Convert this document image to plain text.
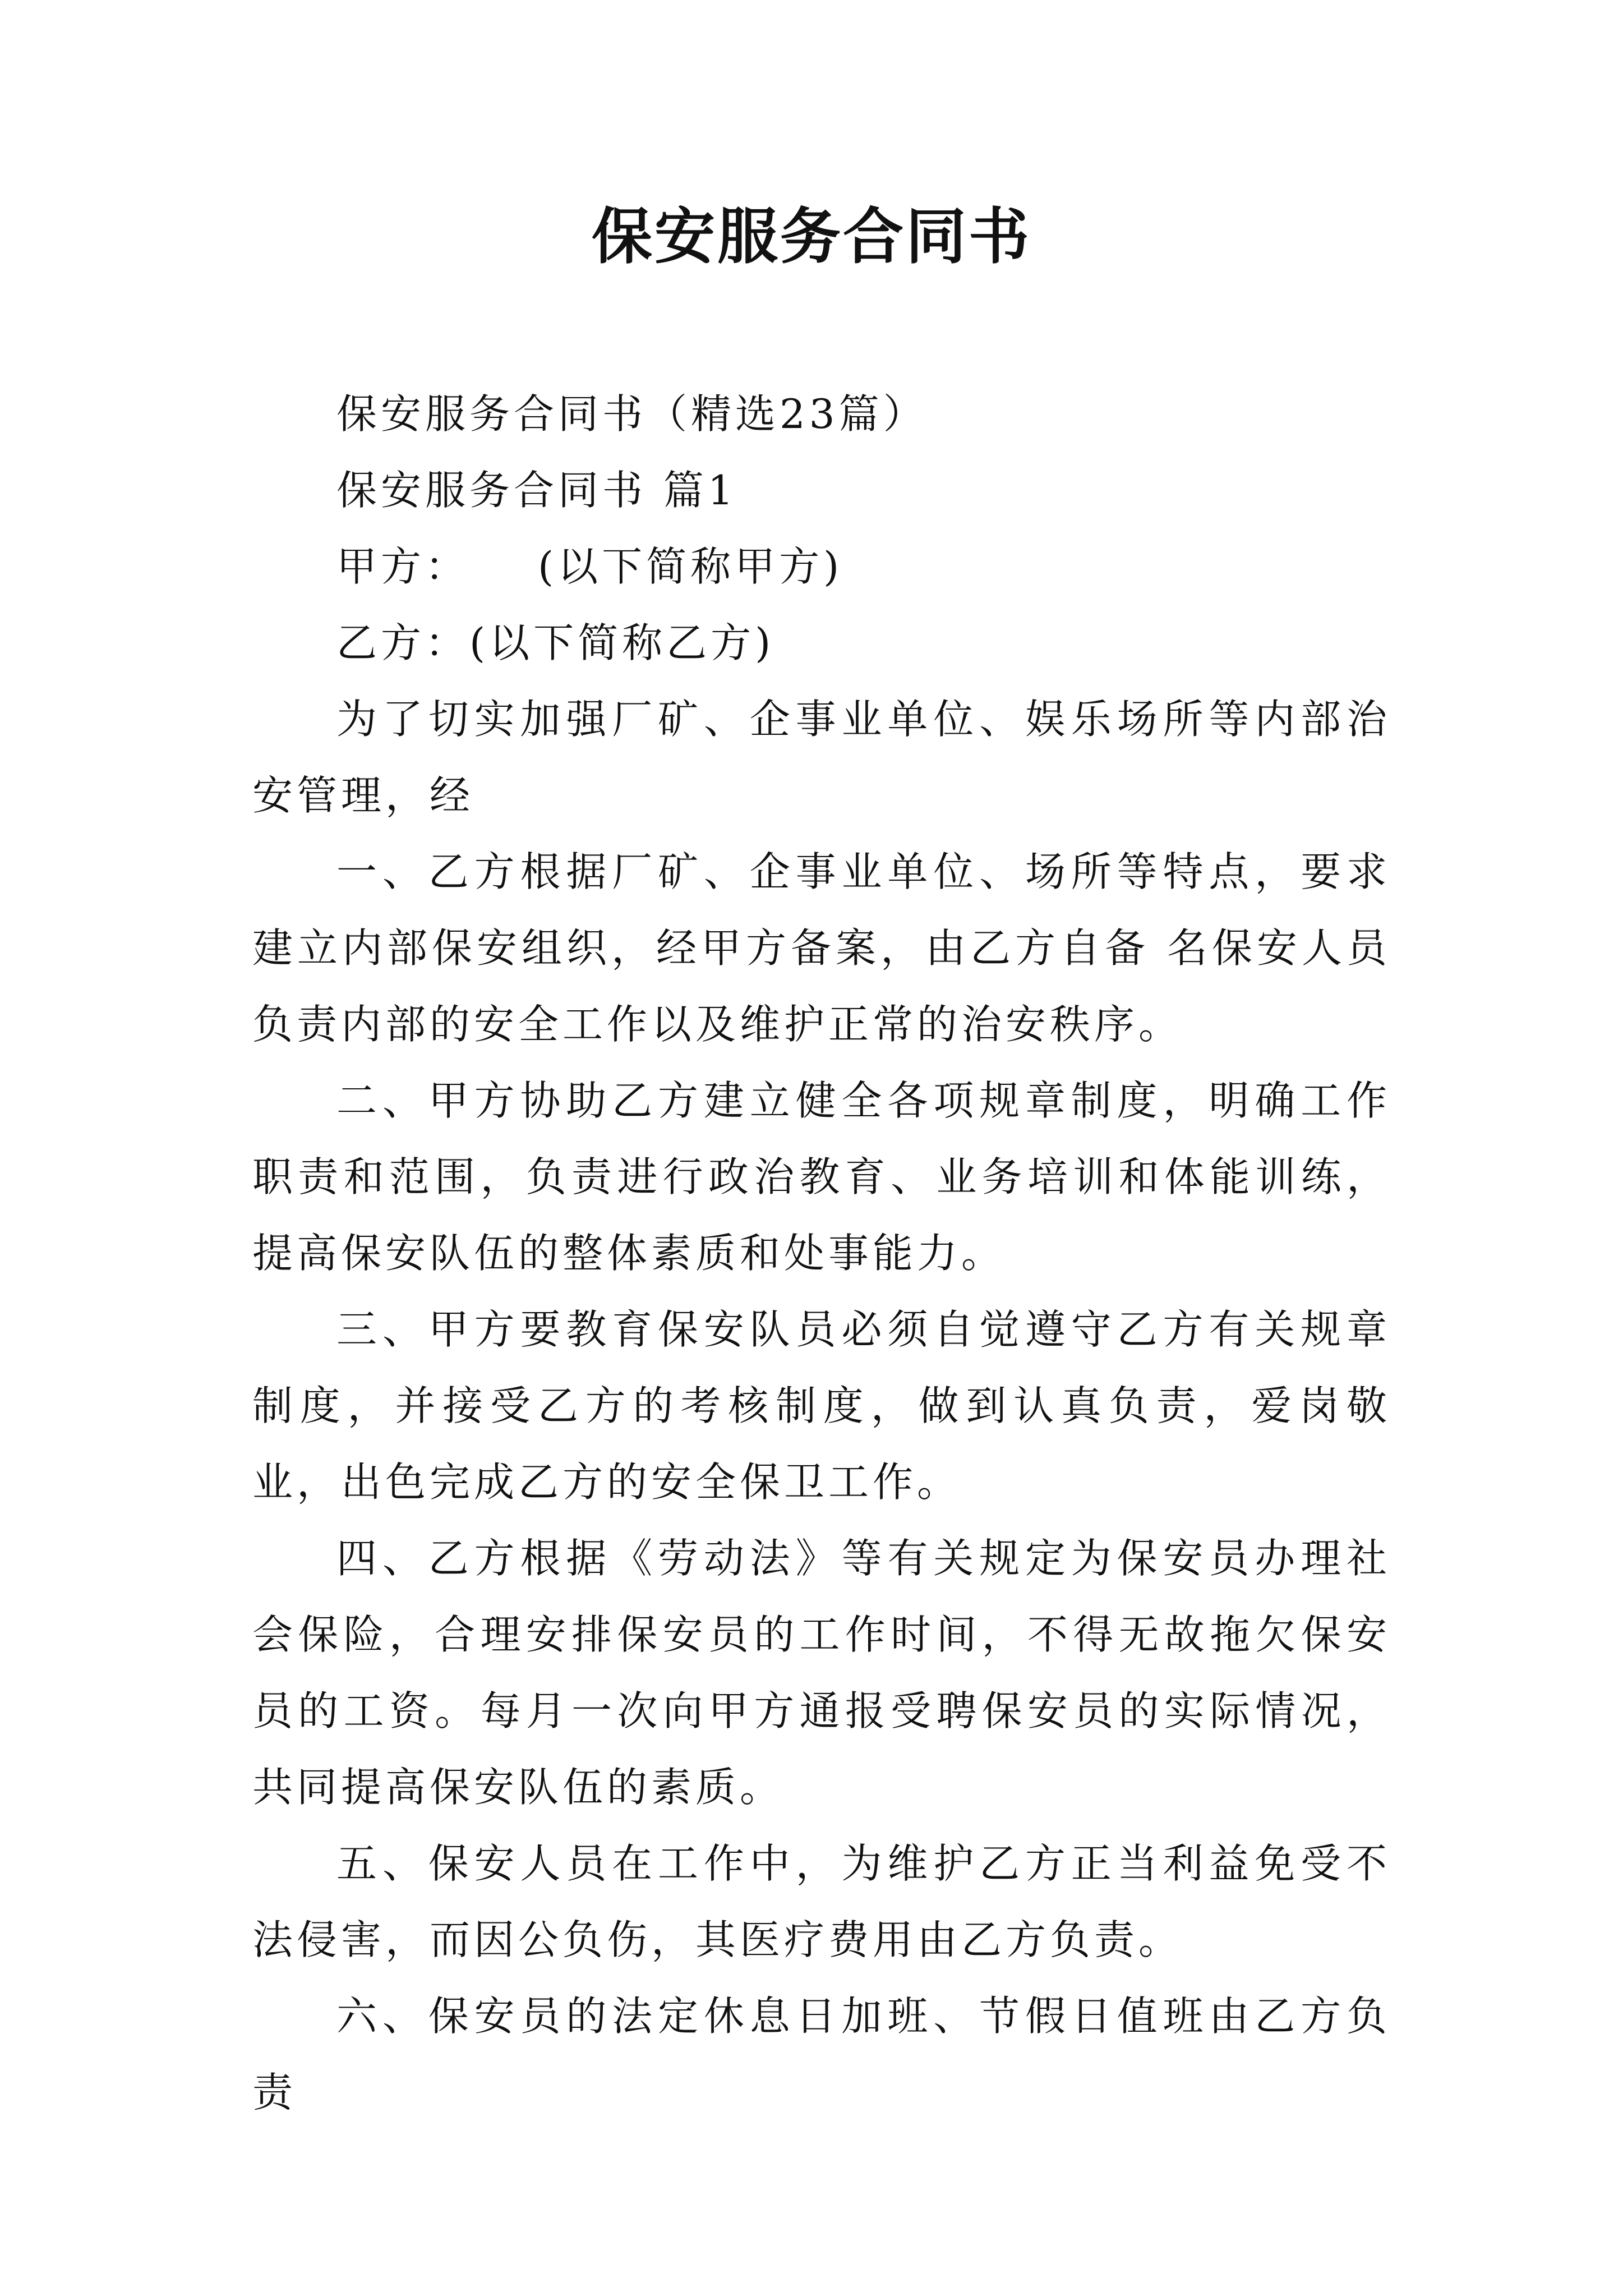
保安服务合同书

保安服务合同书（精选23篇）

保安服务合同书 篇1

甲方：　　(以下简称甲方)

乙方：(以下简称乙方)

为了切实加强厂矿、企事业单位、娱乐场所等内部治安管理，经

一、乙方根据厂矿、企事业单位、场所等特点，要求建立内部保安组织，经甲方备案，由乙方自备 名保安人员负责内部的安全工作以及维护正常的治安秩序。

二、甲方协助乙方建立健全各项规章制度，明确工作职责和范围，负责进行政治教育、业务培训和体能训练，提高保安队伍的整体素质和处事能力。

三、甲方要教育保安队员必须自觉遵守乙方有关规章制度，并接受乙方的考核制度，做到认真负责，爱岗敬业，出色完成乙方的安全保卫工作。

四、乙方根据《劳动法》等有关规定为保安员办理社会保险，合理安排保安员的工作时间，不得无故拖欠保安员的工资。每月一次向甲方通报受聘保安员的实际情况，共同提高保安队伍的素质。

五、保安人员在工作中，为维护乙方正当利益免受不法侵害，而因公负伤，其医疗费用由乙方负责。

六、保安员的法定休息日加班、节假日值班由乙方负责
